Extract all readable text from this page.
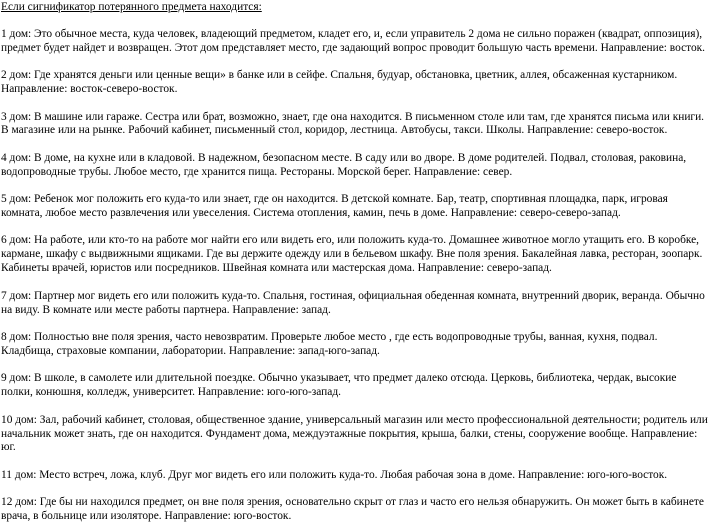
Если сигнификатор потерянного предмета находится:

1 дом: Это обычное места, куда человек, владеющий предметом, кладет его, и, если управитель 2 дома не сильно поражен (квадрат, оппозиция), предмет будет найдет и возвращен. Этот дом представляет место, где задающий вопрос проводит большую часть времени. Направление: восток.

2 дом: Где хранятся деньги или ценные вещи» в банке или в сейфе. Спальня, будуар, обстановка, цветник, аллея, обсаженная кустарником. Направление: восток-северо-восток.

3 дом: В машине или гараже. Сестра или брат, возможно, знает, где она находится. В письменном столе или там, где хранятся письма или книги. В магазине или на рынке. Рабочий кабинет, письменный стол, коридор, лестница. Автобусы, такси. Школы. Направление: северо-восток.

4 дом: В доме, на кухне или в кладовой. В надежном, безопасном месте. В саду или во дворе. В доме родителей. Подвал, столовая, раковина, водопроводные трубы. Любое место, где хранится пища. Рестораны. Морской берег. Направление: север.

5 дом: Ребенок мог положить его куда-то или знает, где он находится. В детской комнате. Бар, театр, спортивная площадка, парк, игровая комната, любое место развлечения или увеселения. Система отопления, камин, печь в доме. Направление: северо-северо-запад.

6 дом: На работе, или кто-то на работе мог найти его или видеть его, или положить куда-то. Домашнее животное могло утащить его. В коробке, кармане, шкафу с выдвижными ящиками. Где вы держите одежду или в бельевом шкафу. Вне поля зрения. Бакалейная лавка, ресторан, зоопарк. Кабинеты врачей, юристов или посредников. Швейная комната или мастерская дома. Направление: северо-запад.

7 дом: Партнер мог видеть его или положить куда-то. Спальня, гостиная, официальная обеденная комната, внутренний дворик, веранда. Обычно на виду. В комнате или месте работы партнера. Направление: запад.

8 дом: Полностью вне поля зрения, часто невозвратим. Проверьте любое место , где есть водопроводные трубы, ванная, кухня, подвал. Кладбища, страховые компании, лаборатории. Направление: запад-юго-запад.

9 дом: В школе, в самолете или длительной поездке. Обычно указывает, что предмет далеко отсюда. Церковь, библиотека, чердак, высокие полки, конюшня, колледж, университет. Направление: юго-юго-запад.

10 дом: Зал, рабочий кабинет, столовая, общественное здание, универсальный магазин или место профессиональной деятельности; родитель или начальник может знать, где он находится. Фундамент дома, междуэтажные покрытия, крыша, балки, стены, сооружение вообще. Направление: юг.

11 дом: Место встреч, ложа, клуб. Друг мог видеть его или положить куда-то. Любая рабочая зона в доме. Направление: юго-юго-восток.

12 дом: Где бы ни находился предмет, он вне поля зрения, основательно скрыт от глаз и часто его нельзя обнаружить. Он может быть в кабинете врача, в больнице или изоляторе. Направление: юго-восток.
